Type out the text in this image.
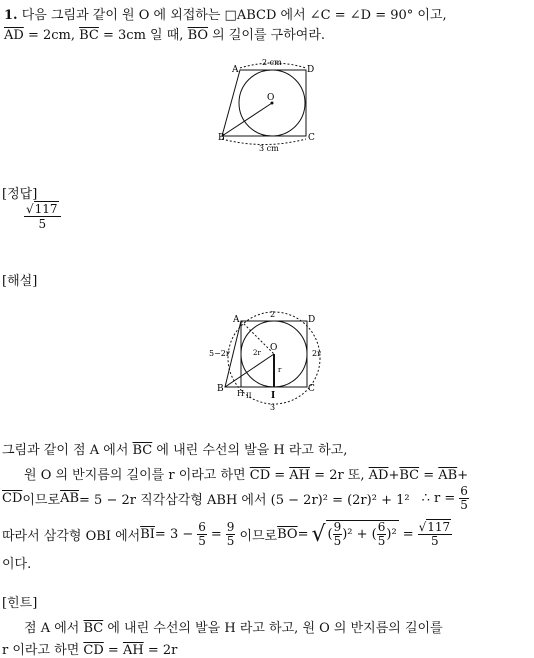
1. 다음 그림과 같이 원 O 에 외접하는 □ABCD 에서 ∠C = ∠D = 90° 이고,
$\overline{AD} = 2cm$, $\overline{BC} = 3cm$ 일 때, $\overline{BO}$ 의 길이를 구하여라.
A	D
B	C
O
2 cm
3 cm
[정답]
√117
5
[해설]
A	D
B	C
O
H	I
2
3
5−2r	2r
2r
r
II
그림과 같이 점 A 에서 $\overline{BC}$ 에 내린 수선의 발을 H 라고 하고,
원 O 의 반지름의 길이를 r 이라고 하면 $\overline{CD} = \overline{AH} = 2r$ 또, $\overline{AD}+\overline{BC} = \overline{AB}+$
$\overline{CD}$ 이므로 $\overline{AB} = 5 - 2r$ 직각삼각형 ABH 에서 (5 − 2r)² = (2r)² + 1² ∴ $r = \frac{6}{5}$
따라서 삼각형 OBI 에서 $\overline{BI} = 3 - \frac{6}{5} = \frac{9}{5}$ 이므로 $\overline{BO}$ = √ ( $\frac{9}{5} )^2$ + ( $\frac{6}{5} )^2 = \frac{√117}{5}$
이다.
[힌트]
점 A 에서 $\overline{BC}$ 에 내린 수선의 발을 H 라고 하고, 원 O 의 반지름의 길이를
r 이라고 하면 $\overline{CD} = \overline{AH} = 2r$
